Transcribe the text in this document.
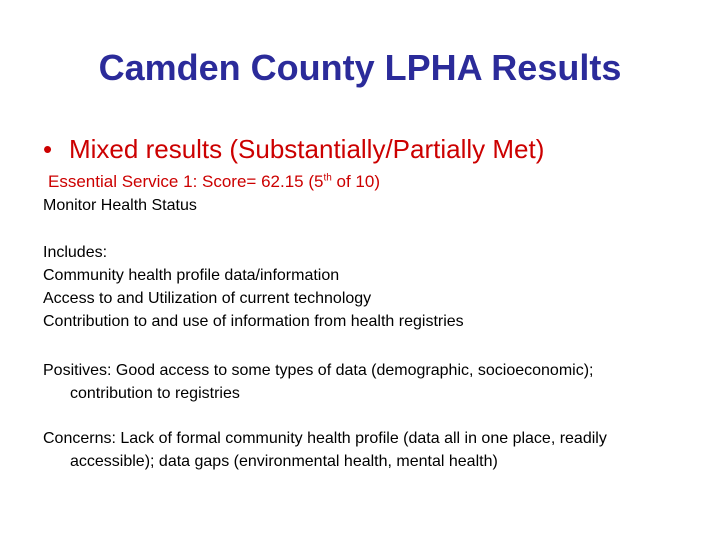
Camden County LPHA Results
• Mixed results (Substantially/Partially Met)
Essential Service 1: Score= 62.15 (5th of 10)
Monitor Health Status
Includes:
Community health profile data/information
Access to and Utilization of current technology
Contribution to and use of information from health registries
Positives: Good access to some types of data (demographic, socioeconomic);
contribution to registries
Concerns: Lack of formal community health profile (data all in one place, readily
accessible); data gaps (environmental health, mental health)
